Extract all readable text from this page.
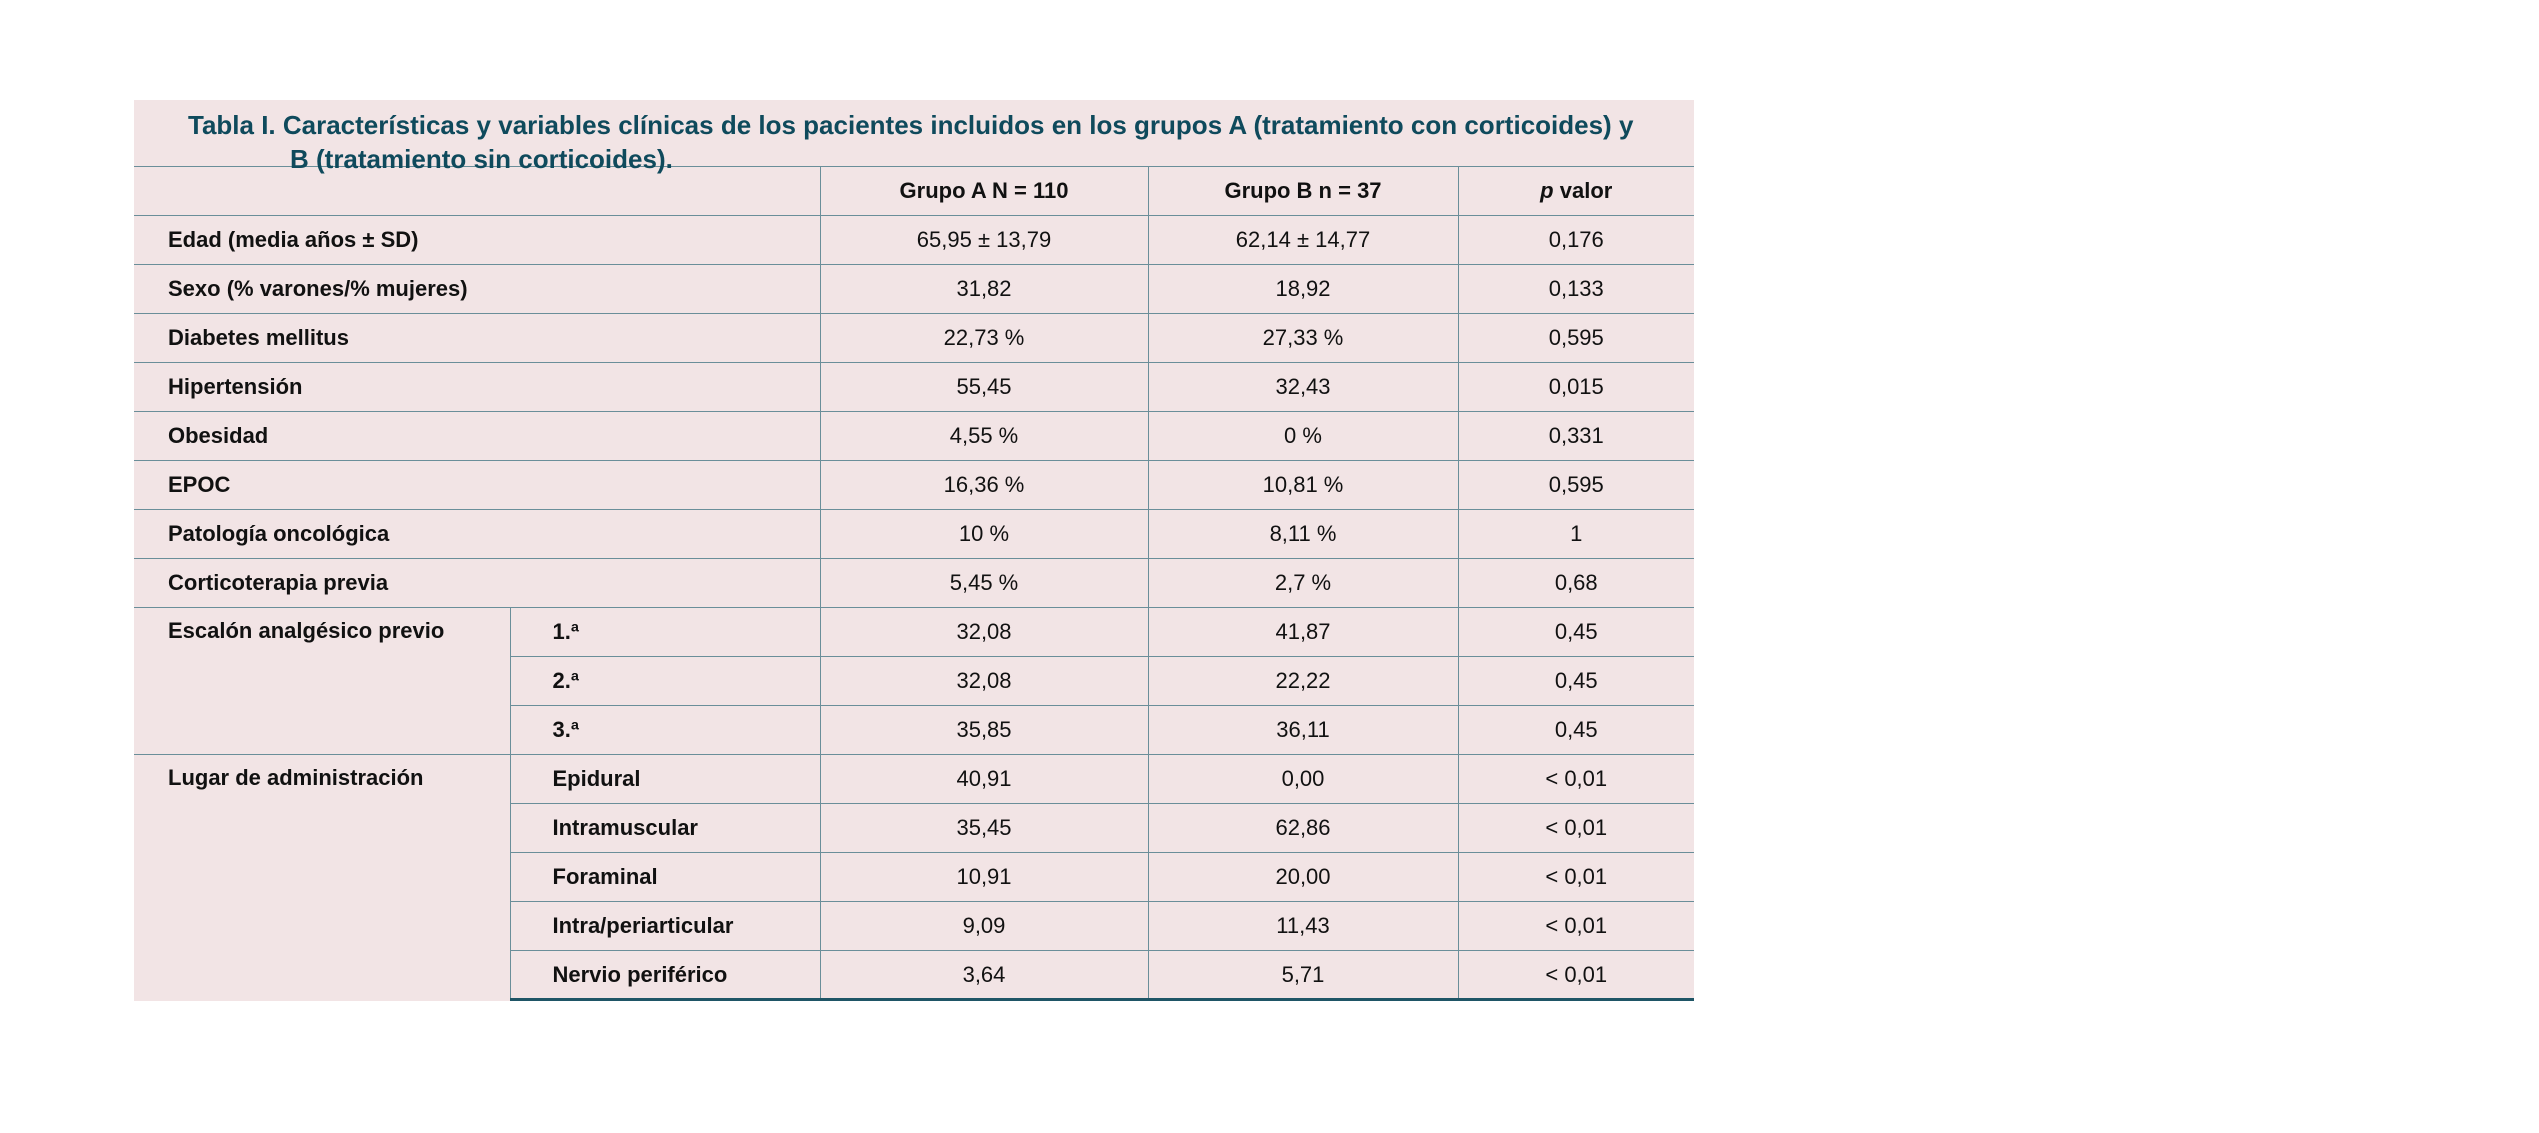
Tabla I. Características y variables clínicas de los pacientes incluidos en los grupos A (tratamiento con corticoides) y
B (tratamiento sin corticoides).
		Grupo A N = 110	Grupo B n = 37	p valor
Edad (media años ± SD)		65,95 ± 13,79	62,14 ± 14,77	0,176
Sexo (% varones/% mujeres)		31,82	18,92	0,133
Diabetes mellitus		22,73 %	27,33 %	0,595
Hipertensión		55,45	32,43	0,015
Obesidad		4,55 %	0 %	0,331
EPOC		16,36 %	10,81 %	0,595
Patología oncológica		10 %	8,11 %	1
Corticoterapia previa		5,45 %	2,7 %	0,68
Escalón analgésico previo	1.ª	32,08	41,87	0,45
	2.ª	32,08	22,22	0,45
	3.ª	35,85	36,11	0,45
Lugar de administración	Epidural	40,91	0,00	< 0,01
	Intramuscular	35,45	62,86	< 0,01
	Foraminal	10,91	20,00	< 0,01
	Intra/periarticular	9,09	11,43	< 0,01
	Nervio periférico	3,64	5,71	< 0,01
